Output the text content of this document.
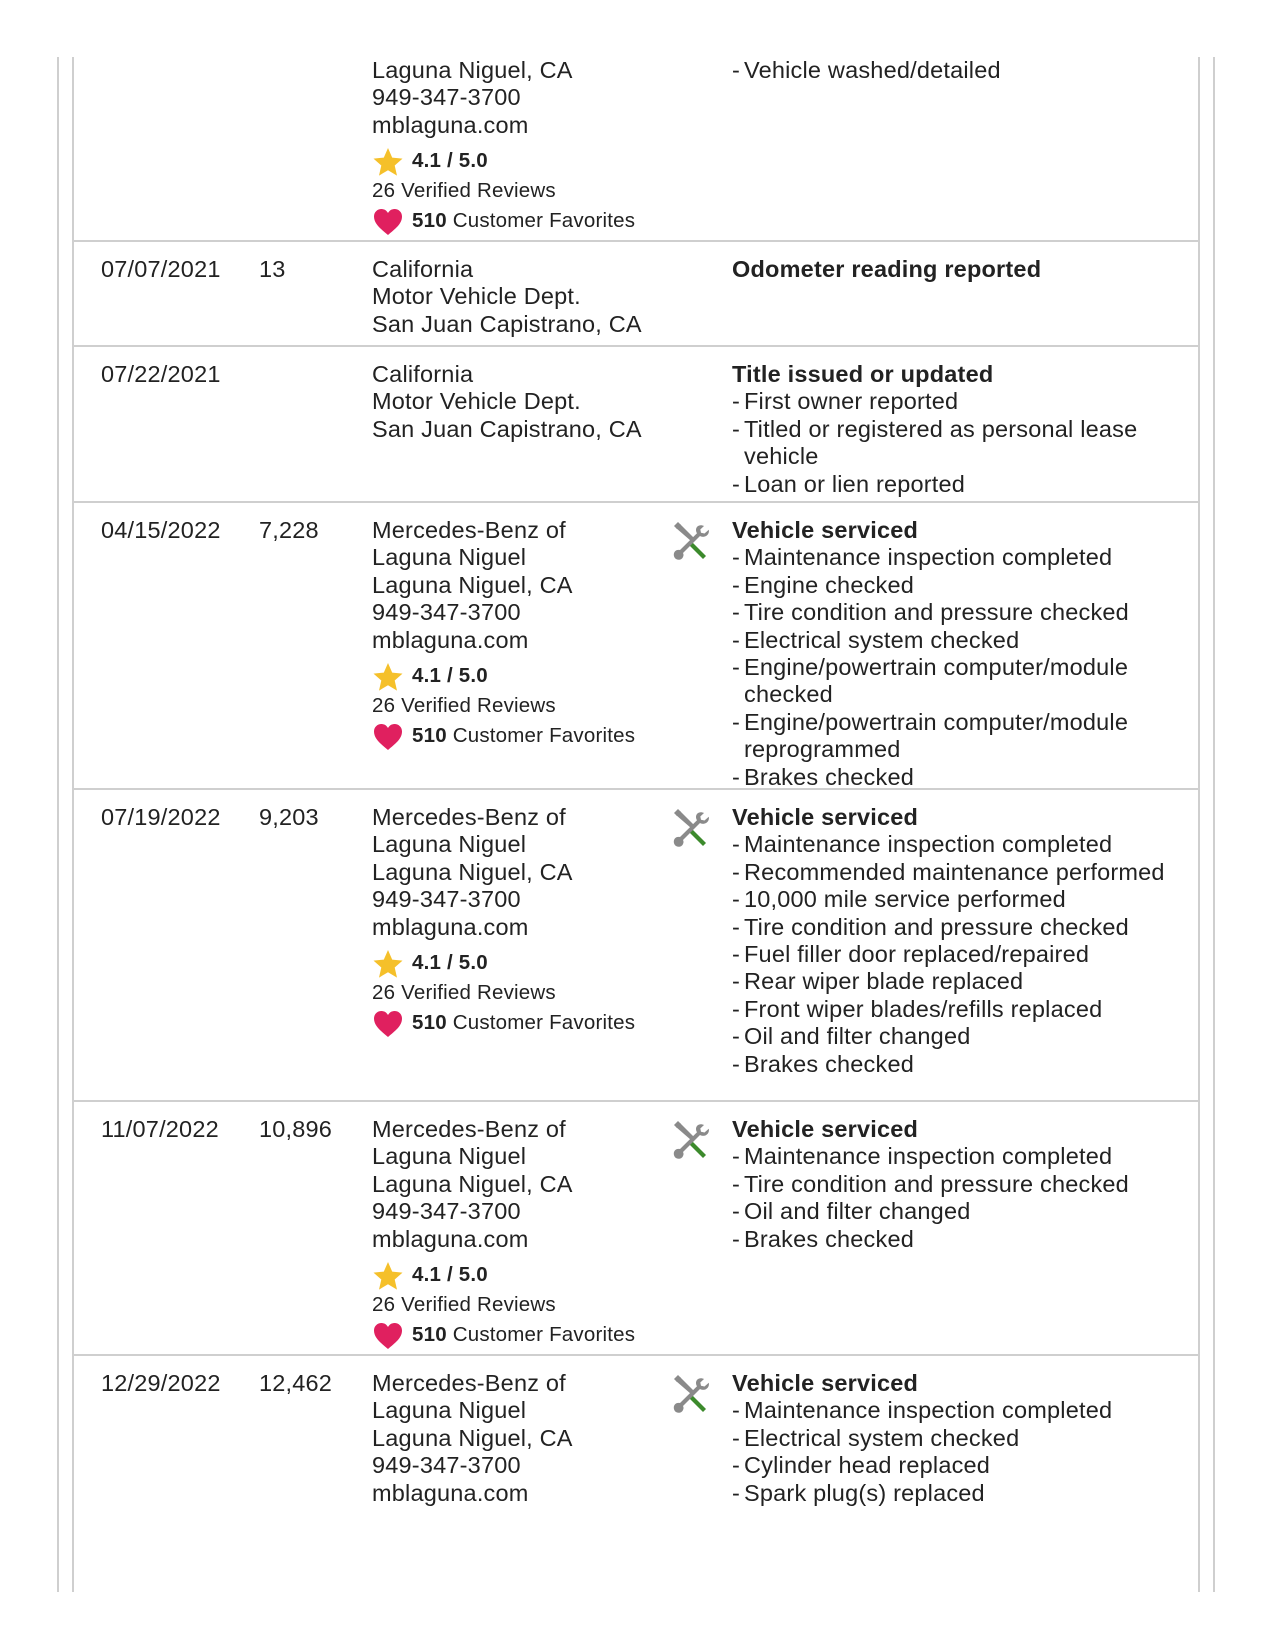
Laguna Niguel, CA
949-347-3700
mblaguna.com
4.1 / 5.0
26 Verified Reviews
510 Customer Favorites
- Vehicle washed/detailed
07/07/2021 13	California
Motor Vehicle Dept.
San Juan Capistrano, CA
Odometer reading reported
07/22/2021	California
Motor Vehicle Dept.
San Juan Capistrano, CA
Title issued or updated
- First owner reported
- Titled or registered as personal lease vehicle
- Loan or lien reported
04/15/2022 7,228 Mercedes-Benz of
Laguna Niguel
Laguna Niguel, CA
949-347-3700
mblaguna.com
4.1 / 5.0
26 Verified Reviews
510 Customer Favorites
Vehicle serviced
- Maintenance inspection completed
- Engine checked
- Tire condition and pressure checked
- Electrical system checked
- Engine/powertrain computer/module checked
- Engine/powertrain computer/module reprogrammed
- Brakes checked
07/19/2022 9,203 Mercedes-Benz of
Laguna Niguel
Laguna Niguel, CA
949-347-3700
mblaguna.com
4.1 / 5.0
26 Verified Reviews
510 Customer Favorites
Vehicle serviced
- Maintenance inspection completed
- Recommended maintenance performed
- 10,000 mile service performed
- Tire condition and pressure checked
- Fuel filler door replaced/repaired
- Rear wiper blade replaced
- Front wiper blades/refills replaced
- Oil and filter changed
- Brakes checked
11/07/2022 10,896 Mercedes-Benz of
Laguna Niguel
Laguna Niguel, CA
949-347-3700
mblaguna.com
4.1 / 5.0
26 Verified Reviews
510 Customer Favorites
Vehicle serviced
- Maintenance inspection completed
- Tire condition and pressure checked
- Oil and filter changed
- Brakes checked
12/29/2022 12,462 Mercedes-Benz of
Laguna Niguel
Laguna Niguel, CA
949-347-3700
mblaguna.com
Vehicle serviced
- Maintenance inspection completed
- Electrical system checked
- Cylinder head replaced
- Spark plug(s) replaced
